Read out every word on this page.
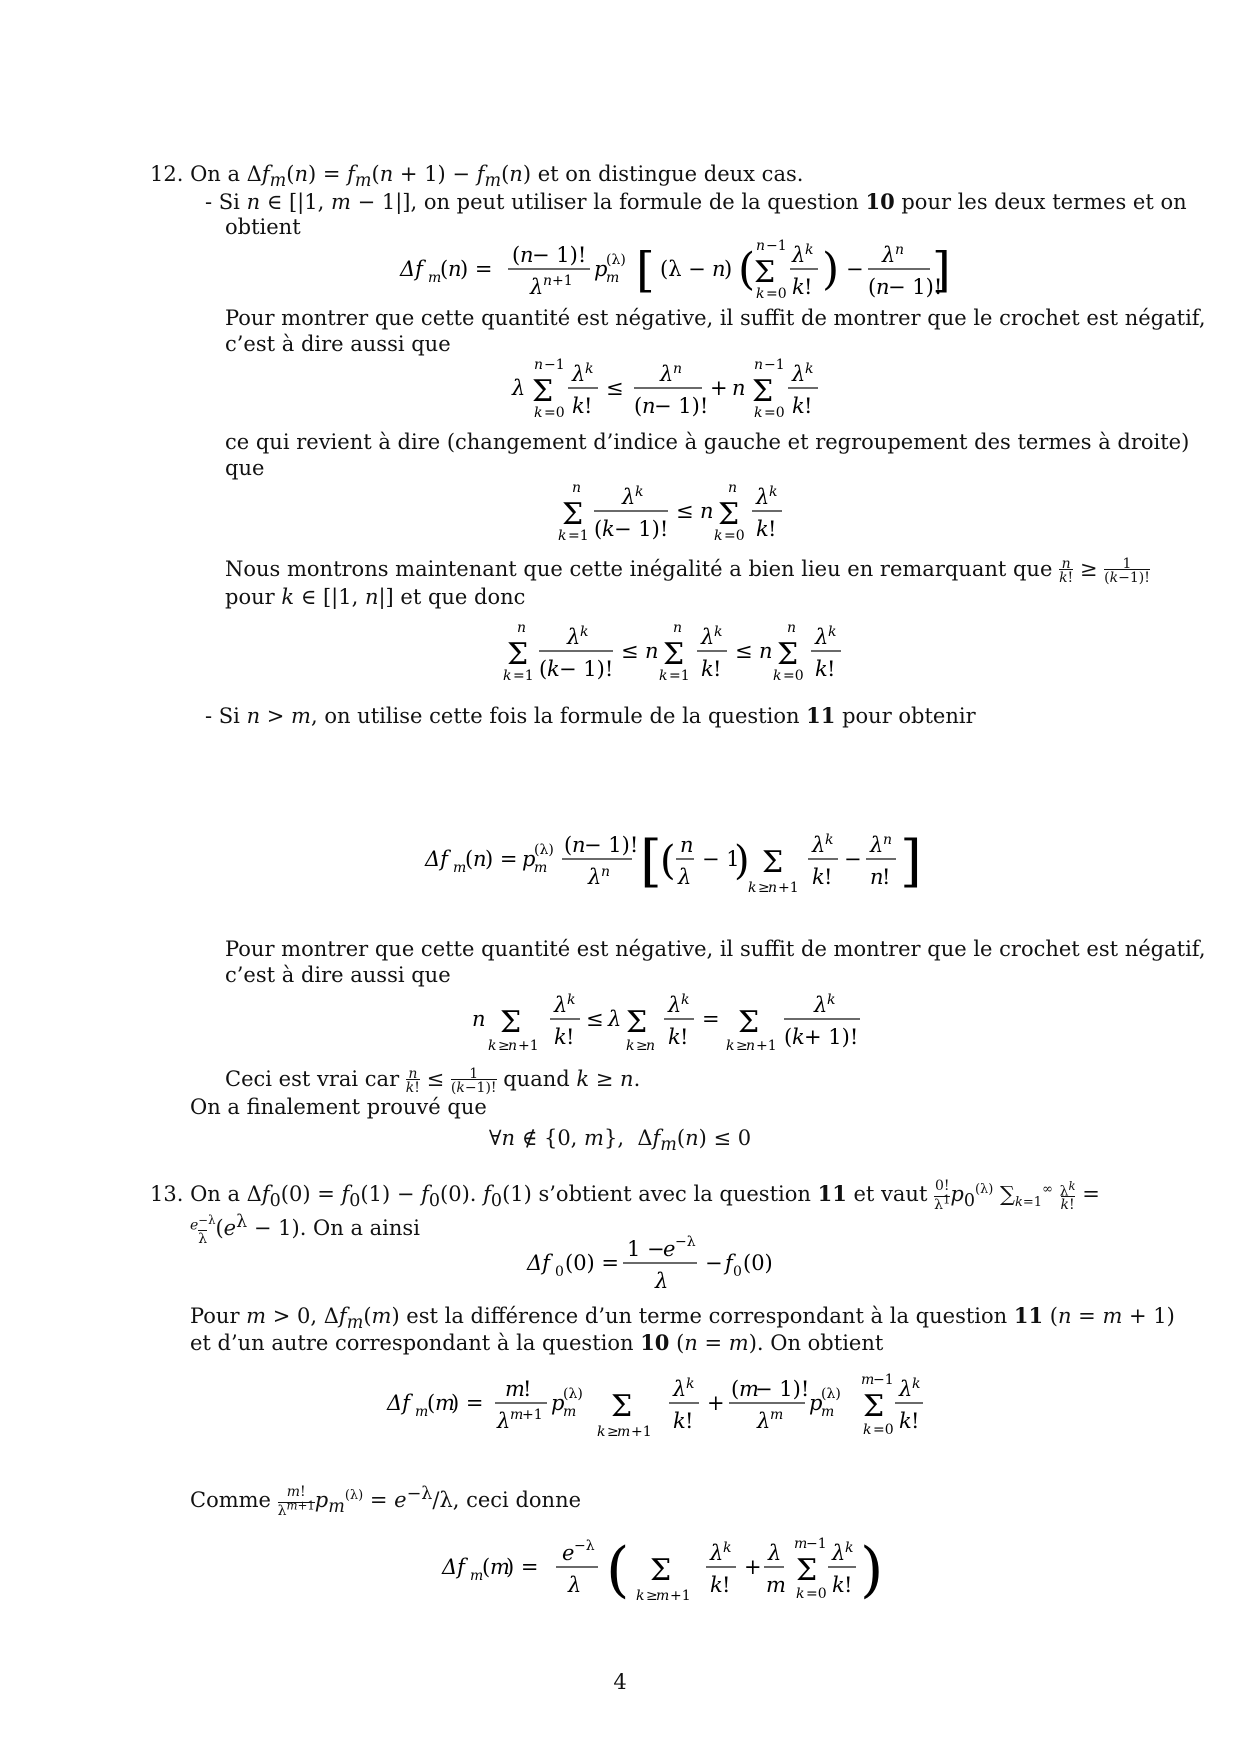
12. On a $\Delta f_m(n) = f_m(n + 1) - f_m(n)$ et on distingue deux cas.
- Si n ∈ [|1, m − 1|], on peut utiliser la formule de la question 10 pour les deux termes et on
obtient
Δf m
( n
) =
( n
− 1)!
λ n +1 p
m
(λ) [ (λ − n
) ( n −1
Σ
k =0
λ k
k ! ) −
λ n
( n
− 1)!
]
Pour montrer que cette quantité est négative, il suffit de montrer que le crochet est négatif,
c’est à dire aussi que
λ
n −1
Σ
k =0
λ k
k !
≤
λ n
( n
− 1)!
+ n
n −1
Σ
k =0
λ k
k !
ce qui revient à dire (changement d’indice à gauche et regroupement des termes à droite)
que
n
Σ
k =1
λ k
( k − 1)!
≤ n
n
Σ
k =0
λ k
k !
Nous montrons maintenant que cette inégalité a bien lieu en remarquant que $\frac{n}{k!} \ge 1$
(k−1)!
pour k ∈ [|1, n|] et que donc
n
Σ
k =1
λ k
( k − 1)!
≤ n
n
Σ
k =1
λ k
k !
≤ n
n
Σ
k =0
λ k
k !
- Si n > m, on utilise cette fois la formule de la question 11 pour obtenir
Δf m
( n
) = p
m
(λ) ( n
− 1)!
λ n [
( n
λ
− 1
) Σ
k ≥
n +1
λ k
k !
−
λ n
n
! ]
Pour montrer que cette quantité est négative, il suffit de montrer que le crochet est négatif,
c’est à dire aussi que
n Σ
k ≥
n +1
λ k
k !
≤ λ Σ
k ≥
n
λ k
k !
= Σ
k ≥
n +1
λ k
( k + 1)!
Ceci est vrai car $\frac{n}{k!} \le 1$
(k−1)! quand k ≥ n.
On a finalement prouvé que
∀n ∉ {0, m},  $\Delta f_m(n) \le 0$
13. On a $\Delta f_0(0) = f_0(1) - f_0(0)$. $f_0(1)$ s’obtient avec la question 11 et vaut 0!
$\lambda^1p_0^{(\lambda)}$ $\sum_{k=1}^\infty$ $\lambda^k$
k! =
$e^{-\lambda}$
λ $(e^\lambda - 1)$. On a ainsi
Δf 0 (0) =
1 −
e −λ
λ
− f 0 (0)
Pour m > 0, $\Delta f_m(m)$ est la différence d’un terme correspondant à la question 11 (n = m + 1)
et d’un autre correspondant à la question 10 (n = m). On obtient
Δf m
( m
) =
m
!
λ m
+1 p
m
(λ) Σ
k ≥
m +1
λ k
k !
+
( m
− 1)!
λ m p
m
(λ)
m
−1
Σ
k =0
λ k
k !
Comme m!
$\lambda^{m+1}p_m^{(\lambda)} = e^{-\lambda}/\lambda$, ceci donne
Δf m
( m
) =
e −λ
λ ( Σ
k ≥
m +1
λ k
k !
+
λ
m
m
−1
Σ
k =0
λ k
k ! )
4
